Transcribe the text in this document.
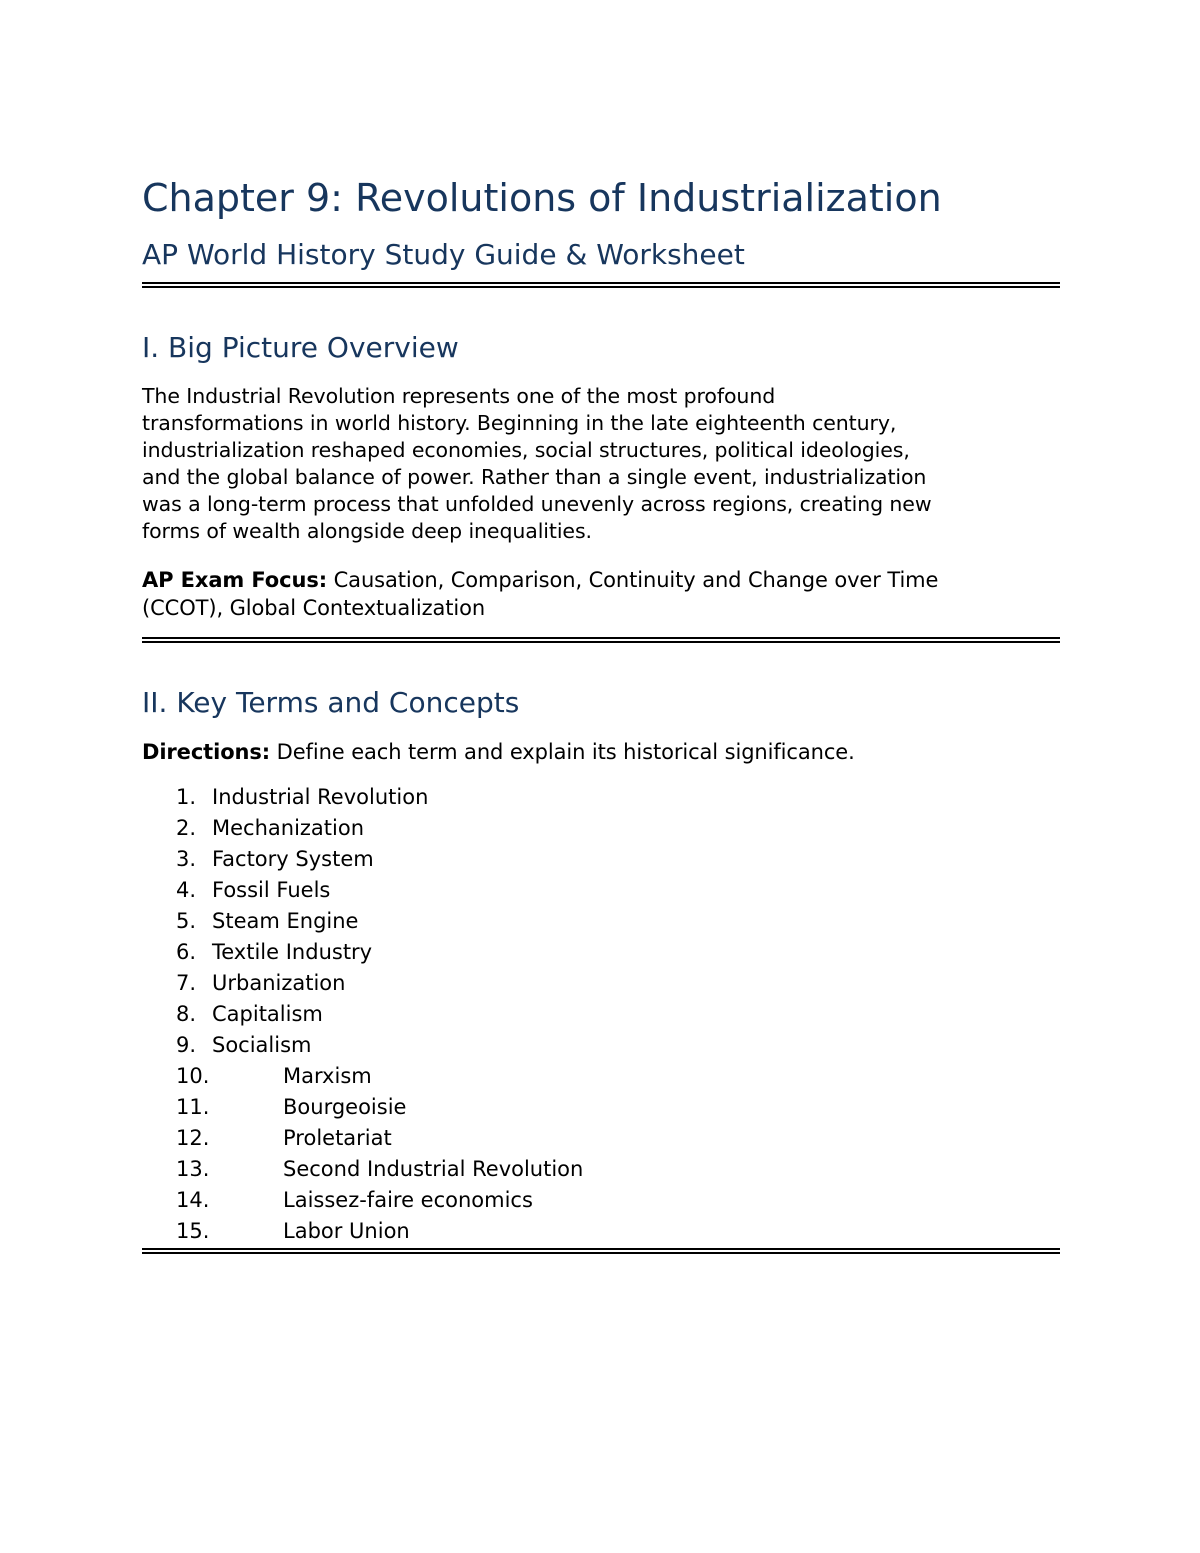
Chapter 9: Revolutions of Industrialization
AP World History Study Guide & Worksheet
I. Big Picture Overview
The Industrial Revolution represents one of the most profound
transformations in world history. Beginning in the late eighteenth century,
industrialization reshaped economies, social structures, political ideologies,
and the global balance of power. Rather than a single event, industrialization
was a long-term process that unfolded unevenly across regions, creating new
forms of wealth alongside deep inequalities.
AP Exam Focus: Causation, Comparison, Continuity and Change over Time
(CCOT), Global Contextualization
II. Key Terms and Concepts
Directions: Define each term and explain its historical significance.
1. Industrial Revolution
2. Mechanization
3. Factory System
4. Fossil Fuels
5. Steam Engine
6. Textile Industry
7. Urbanization
8. Capitalism
9. Socialism
10.	Marxism
11.	Bourgeoisie
12.	Proletariat
13.	Second Industrial Revolution
14.	Laissez-faire economics
15.	Labor Union
